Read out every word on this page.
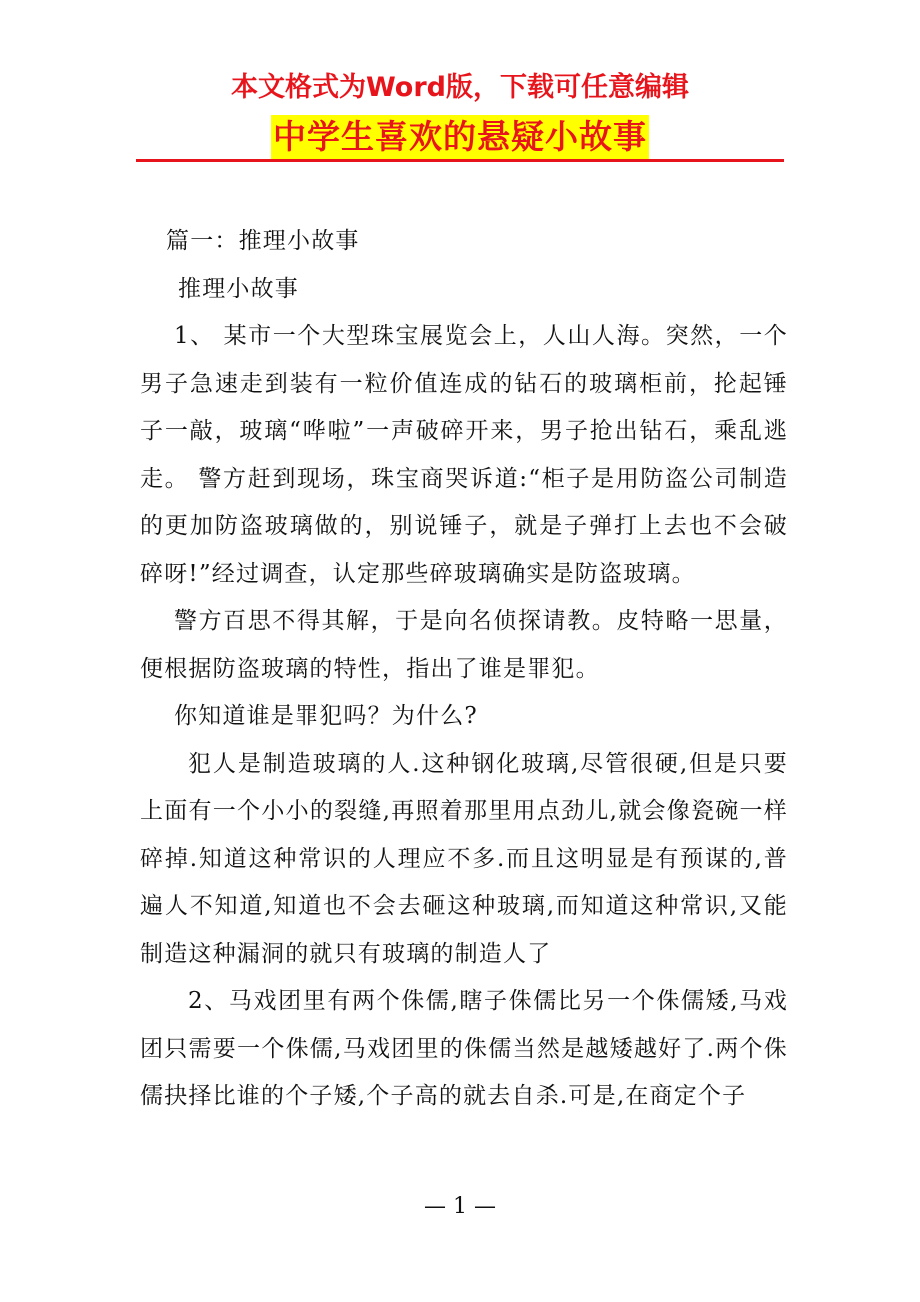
本文格式为Word版，下载可任意编辑
中学生喜欢的悬疑小故事

篇一：推理小故事

推理小故事

1、 某市一个大型珠宝展览会上，人山人海。突然，一个男子急速走到装有一粒价值连成的钻石的玻璃柜前，抡起锤子一敲，玻璃“哗啦”一声破碎开来，男子抢出钻石，乘乱逃走。 警方赶到现场，珠宝商哭诉道:“柜子是用防盗公司制造的更加防盗玻璃做的，别说锤子，就是子弹打上去也不会破碎呀!”经过调查，认定那些碎玻璃确实是防盗玻璃。

警方百思不得其解，于是向名侦探请教。皮特略一思量，便根据防盗玻璃的特性，指出了谁是罪犯。

你知道谁是罪犯吗？为什么?

犯人是制造玻璃的人.这种钢化玻璃,尽管很硬,但是只要上面有一个小小的裂缝,再照着那里用点劲儿,就会像瓷碗一样碎掉.知道这种常识的人理应不多.而且这明显是有预谋的,普遍人不知道,知道也不会去砸这种玻璃,而知道这种常识,又能制造这种漏洞的就只有玻璃的制造人了

2、马戏团里有两个侏儒,瞎子侏儒比另一个侏儒矮,马戏团只需要一个侏儒,马戏团里的侏儒当然是越矮越好了.两个侏儒抉择比谁的个子矮,个子高的就去自杀.可是,在商定个子

— 1 —
